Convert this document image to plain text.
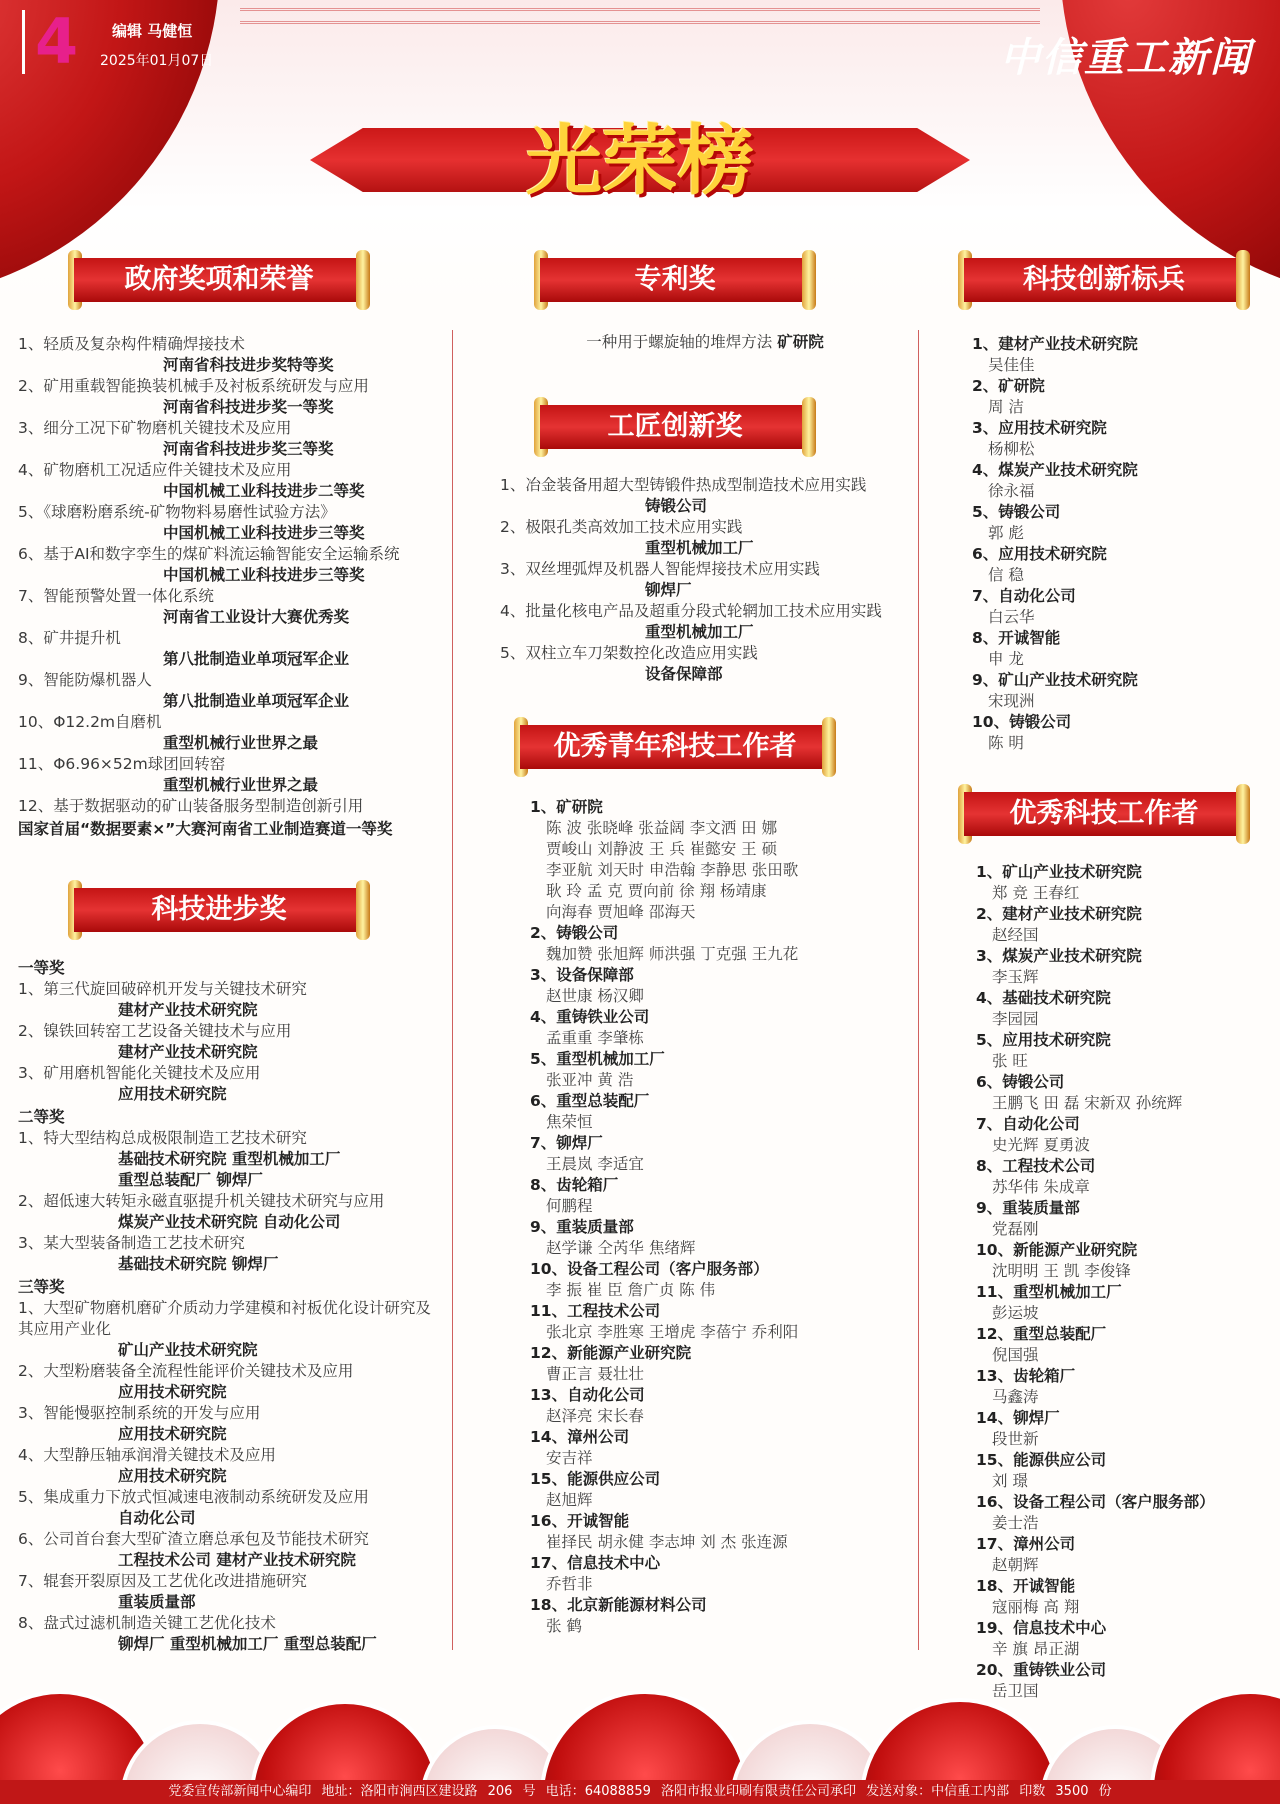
4 编辑 马健恒
2025年01月07日	中信重工新闻
光荣榜
政府奖项和荣誉
1、轻质及复杂构件精确焊接技术
河南省科技进步奖特等奖
2、矿用重载智能换装机械手及衬板系统研发与应用
河南省科技进步奖一等奖
3、细分工况下矿物磨机关键技术及应用
河南省科技进步奖三等奖
4、矿物磨机工况适应件关键技术及应用
中国机械工业科技进步二等奖
5、《球磨粉磨系统-矿物物料易磨性试验方法》
中国机械工业科技进步三等奖
6、基于AI和数字孪生的煤矿料流运输智能安全运输系统
中国机械工业科技进步三等奖
7、智能预警处置一体化系统
河南省工业设计大赛优秀奖
8、矿井提升机
第八批制造业单项冠军企业
9、智能防爆机器人
第八批制造业单项冠军企业
10、Φ12.2m自磨机
重型机械行业世界之最
11、Φ6.96×52m球团回转窑
重型机械行业世界之最
12、基于数据驱动的矿山装备服务型制造创新引用
国家首届“数据要素×”大赛河南省工业制造赛道一等奖
科技进步奖
一等奖
1、第三代旋回破碎机开发与关键技术研究
建材产业技术研究院
2、镍铁回转窑工艺设备关键技术与应用
建材产业技术研究院
3、矿用磨机智能化关键技术及应用
应用技术研究院
二等奖
1、特大型结构总成极限制造工艺技术研究
基础技术研究院 重型机械加工厂
重型总装配厂 铆焊厂
2、超低速大转矩永磁直驱提升机关键技术研究与应用
煤炭产业技术研究院 自动化公司
3、某大型装备制造工艺技术研究
基础技术研究院 铆焊厂
三等奖
1、大型矿物磨机磨矿介质动力学建模和衬板优化设计研究及其应用产业化
矿山产业技术研究院
2、大型粉磨装备全流程性能评价关键技术及应用
应用技术研究院
3、智能慢驱控制系统的开发与应用
应用技术研究院
4、大型静压轴承润滑关键技术及应用
应用技术研究院
5、集成重力下放式恒减速电液制动系统研发及应用
自动化公司
6、公司首台套大型矿渣立磨总承包及节能技术研究
工程技术公司 建材产业技术研究院
7、辊套开裂原因及工艺优化改进措施研究
重装质量部
8、盘式过滤机制造关键工艺优化技术
铆焊厂 重型机械加工厂 重型总装配厂
专利奖
一种用于螺旋轴的堆焊方法 矿研院
工匠创新奖
1、冶金装备用超大型铸锻件热成型制造技术应用实践
铸锻公司
2、极限孔类高效加工技术应用实践
重型机械加工厂
3、双丝埋弧焊及机器人智能焊接技术应用实践
铆焊厂
4、批量化核电产品及超重分段式轮辋加工技术应用实践
重型机械加工厂
5、双柱立车刀架数控化改造应用实践
设备保障部
优秀青年科技工作者
1、矿研院
陈 波 张晓峰 张益阔 李文洒 田 娜
贾峻山 刘静波 王 兵 崔懿安 王 硕
李亚航 刘天时 申浩翰 李静思 张田歌
耿 玲 孟 克 贾向前 徐 翔 杨靖康
向海春 贾旭峰 邵海天
2、铸锻公司
魏加赞 张旭辉 师洪强 丁克强 王九花
3、设备保障部
赵世康 杨汉卿
4、重铸铁业公司
孟重重 李肇栋
5、重型机械加工厂
张亚冲 黄 浩
6、重型总装配厂
焦荣恒
7、铆焊厂
王晨岚 李适宜
8、齿轮箱厂
何鹏程
9、重装质量部
赵学谦 仝芮华 焦绪辉
10、设备工程公司（客户服务部）
李 振 崔 臣 詹广贞 陈 伟
11、工程技术公司
张北京 李胜寒 王增虎 李蓓宁 乔利阳
12、新能源产业研究院
曹正言 聂壮壮
13、自动化公司
赵泽亮 宋长春
14、漳州公司
安吉祥
15、能源供应公司
赵旭辉
16、开诚智能
崔择民 胡永健 李志坤 刘 杰 张连源
17、信息技术中心
乔哲非
18、北京新能源材料公司
张 鹤
科技创新标兵
1、建材产业技术研究院
吴佳佳
2、矿研院
周 洁
3、应用技术研究院
杨柳松
4、煤炭产业技术研究院
徐永福
5、铸锻公司
郭 彪
6、应用技术研究院
信 稳
7、自动化公司
白云华
8、开诚智能
申 龙
9、矿山产业技术研究院
宋现洲
10、铸锻公司
陈 明
优秀科技工作者
1、矿山产业技术研究院
郑 竞 王春红
2、建材产业技术研究院
赵经国
3、煤炭产业技术研究院
李玉辉
4、基础技术研究院
李园园
5、应用技术研究院
张 旺
6、铸锻公司
王鹏飞 田 磊 宋新双 孙统辉
7、自动化公司
史光辉 夏勇波
8、工程技术公司
苏华伟 朱成章
9、重装质量部
党磊刚
10、新能源产业研究院
沈明明 王 凯 李俊锋
11、重型机械加工厂
彭运坡
12、重型总装配厂
倪国强
13、齿轮箱厂
马鑫涛
14、铆焊厂
段世新
15、能源供应公司
刘 璟
16、设备工程公司（客户服务部）
姜士浩
17、漳州公司
赵朝辉
18、开诚智能
寇丽梅 高 翔
19、信息技术中心
辛 旗 昂正湖
20、重铸铁业公司
岳卫国
党委宣传部新闻中心编印 地址：洛阳市涧西区建设路 206 号 电话：64088859 洛阳市报业印刷有限责任公司承印 发送对象：中信重工内部 印数 3500 份
